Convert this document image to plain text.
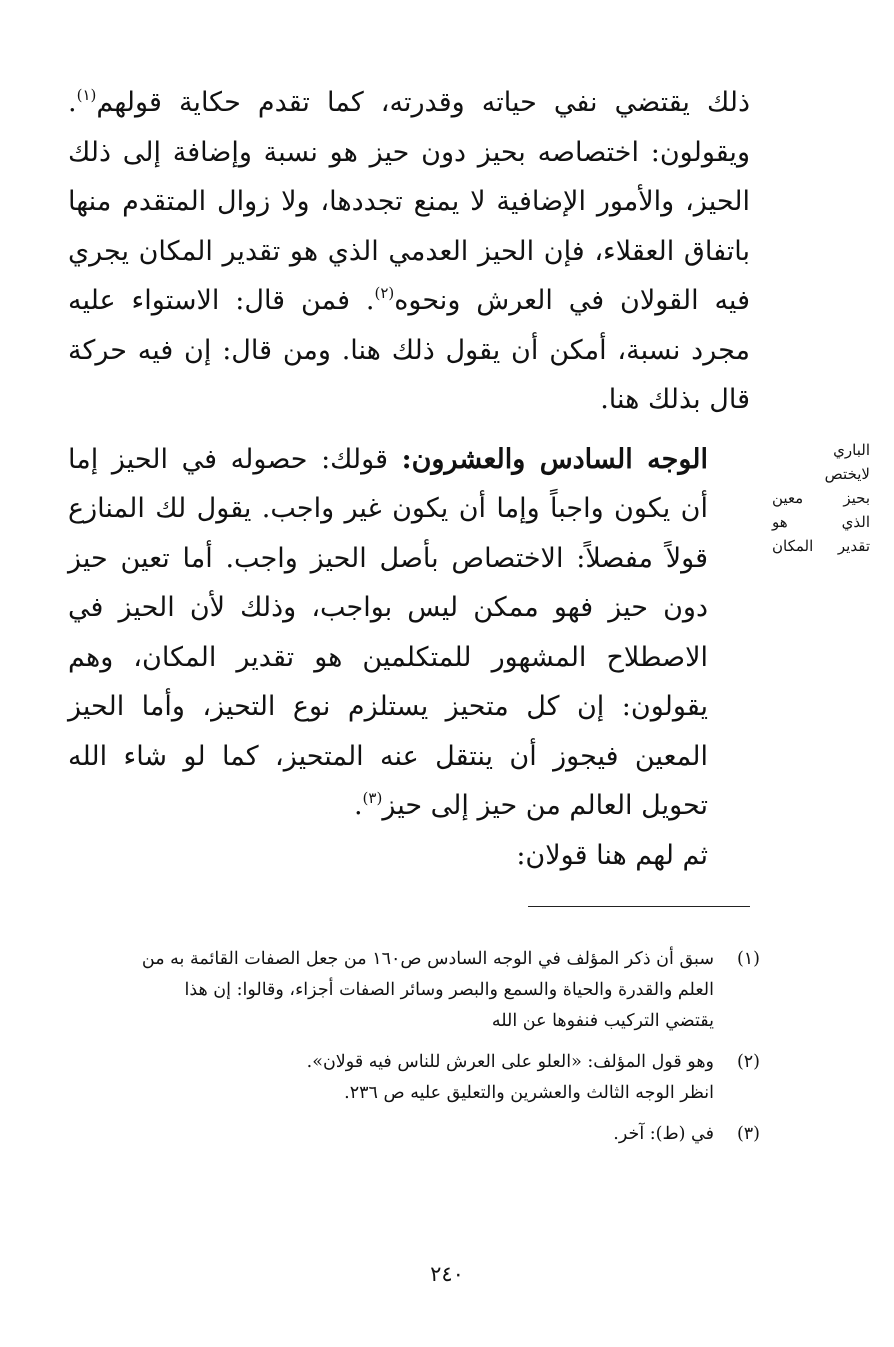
ذلك يقتضي نفي حياته وقدرته، كما تقدم حكاية قولهم$^{(١)}$. ويقولون: اختصاصه بحيز دون حيز هو نسبة وإضافة إلى ذلك الحيز، والأمور الإضافية لا يمنع تجددها، ولا زوال المتقدم منها باتفاق العقلاء، فإن الحيز العدمي الذي هو تقدير المكان يجري فيه القولان في العرش ونحوه$^{(٢)}$. فمن قال: الاستواء عليه مجرد نسبة، أمكن أن يقول ذلك هنا. ومن قال: إن فيه حركة قال بذلك هنا.

الوجه السادس والعشرون: قولك: حصوله في الحيز إما أن يكون واجباً وإما أن يكون غير واجب. يقول لك المنازع قولاً مفصلاً: الاختصاص بأصل الحيز واجب. أما تعين حيز دون حيز فهو ممكن ليس بواجب، وذلك لأن الحيز في الاصطلاح المشهور للمتكلمين هو تقدير المكان، وهم يقولون: إن كل متحيز يستلزم نوع التحيز، وأما الحيز المعين فيجوز أن ينتقل عنه المتحيز، كما لو شاء الله تحويل العالم من حيز إلى حيز$^{(٣)}$.

ثم لهم هنا قولان:

الباري
لايختص
بحيز معين
الذي هو
تقدير المكان
(١)
سبق أن ذكر المؤلف في الوجه السادس ص١٦٠ من جعل الصفات القائمة به من
العلم والقدرة والحياة والسمع والبصر وسائر الصفات أجزاء، وقالوا: إن هذا
يقتضي التركيب فنفوها عن الله
(٢)
وهو قول المؤلف: «العلو على العرش للناس فيه قولان».
انظر الوجه الثالث والعشرين والتعليق عليه ص ٢٣٦.
(٣)
في (ط): آخر.
٢٤٠
